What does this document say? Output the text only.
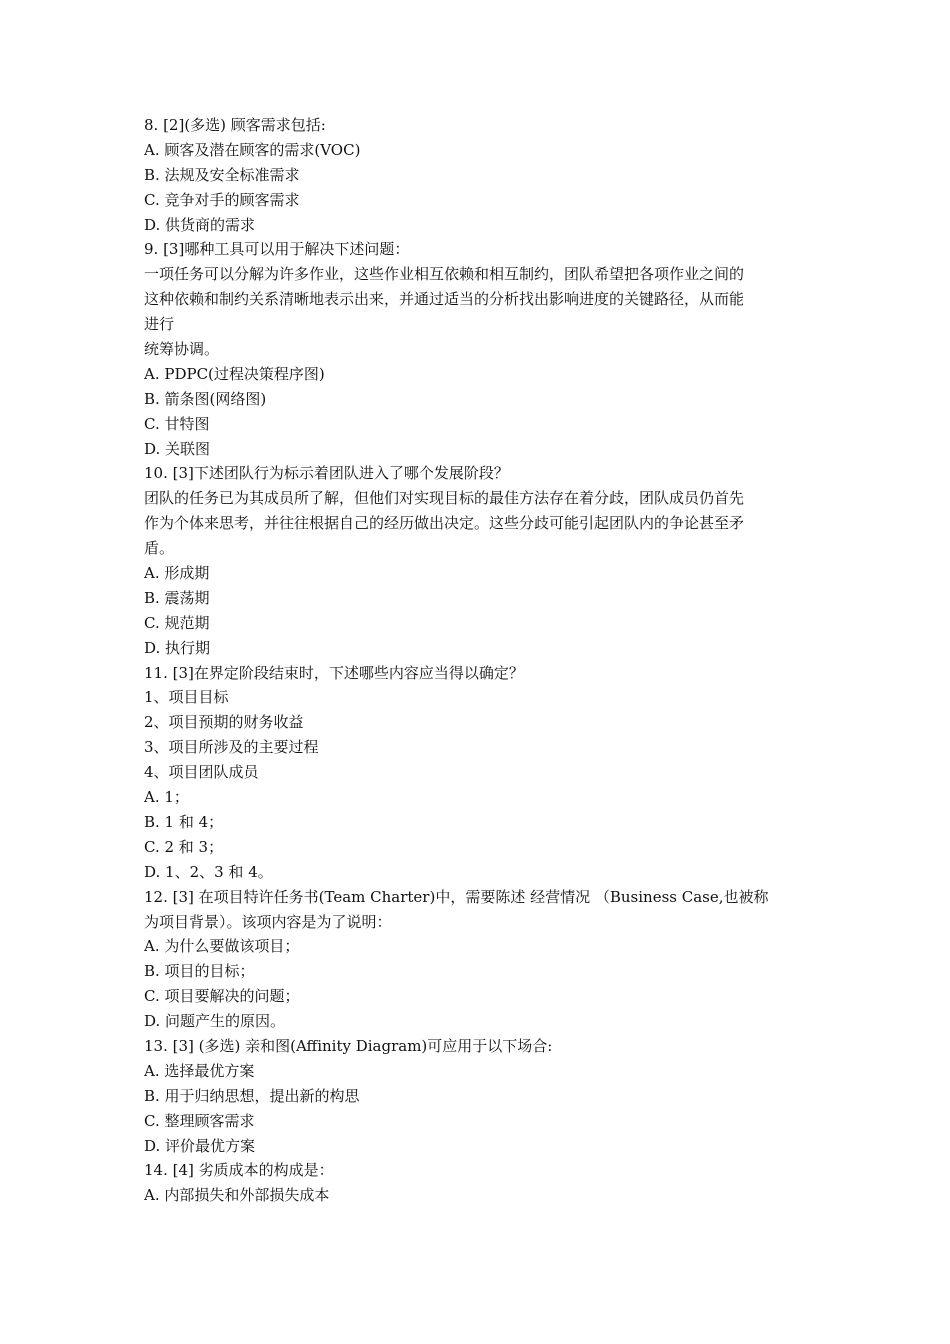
8. [2](多选) 顾客需求包括:
A. 顾客及潜在顾客的需求(VOC)
B. 法规及安全标准需求
C. 竞争对手的顾客需求
D. 供货商的需求
9. [3]哪种工具可以用于解决下述问题：
一项任务可以分解为许多作业，这些作业相互依赖和相互制约，团队希望把各项作业之间的
这种依赖和制约关系清晰地表示出来，并通过适当的分析找出影响进度的关键路径，从而能
进行
统筹协调。
A. PDPC(过程决策程序图)
B. 箭条图(网络图)
C. 甘特图
D. 关联图
10. [3]下述团队行为标示着团队进入了哪个发展阶段？
团队的任务已为其成员所了解，但他们对实现目标的最佳方法存在着分歧，团队成员仍首先
作为个体来思考，并往往根据自己的经历做出决定。这些分歧可能引起团队内的争论甚至矛
盾。
A. 形成期
B. 震荡期
C. 规范期
D. 执行期
11. [3]在界定阶段结束时，下述哪些内容应当得以确定？
1、项目目标
2、项目预期的财务收益
3、项目所涉及的主要过程
4、项目团队成员
A. 1；
B. 1 和 4；
C. 2 和 3；
D. 1、2、3 和 4。
12. [3] 在项目特许任务书(Team Charter)中，需要陈述 经营情况 （Business Case,也被称
为项目背景）。该项内容是为了说明：
A. 为什么要做该项目；
B. 项目的目标；
C. 项目要解决的问题；
D. 问题产生的原因。
13. [3] (多选) 亲和图(Affinity Diagram)可应用于以下场合:
A. 选择最优方案
B. 用于归纳思想，提出新的构思
C. 整理顾客需求
D. 评价最优方案
14. [4] 劣质成本的构成是：
A. 内部损失和外部损失成本
